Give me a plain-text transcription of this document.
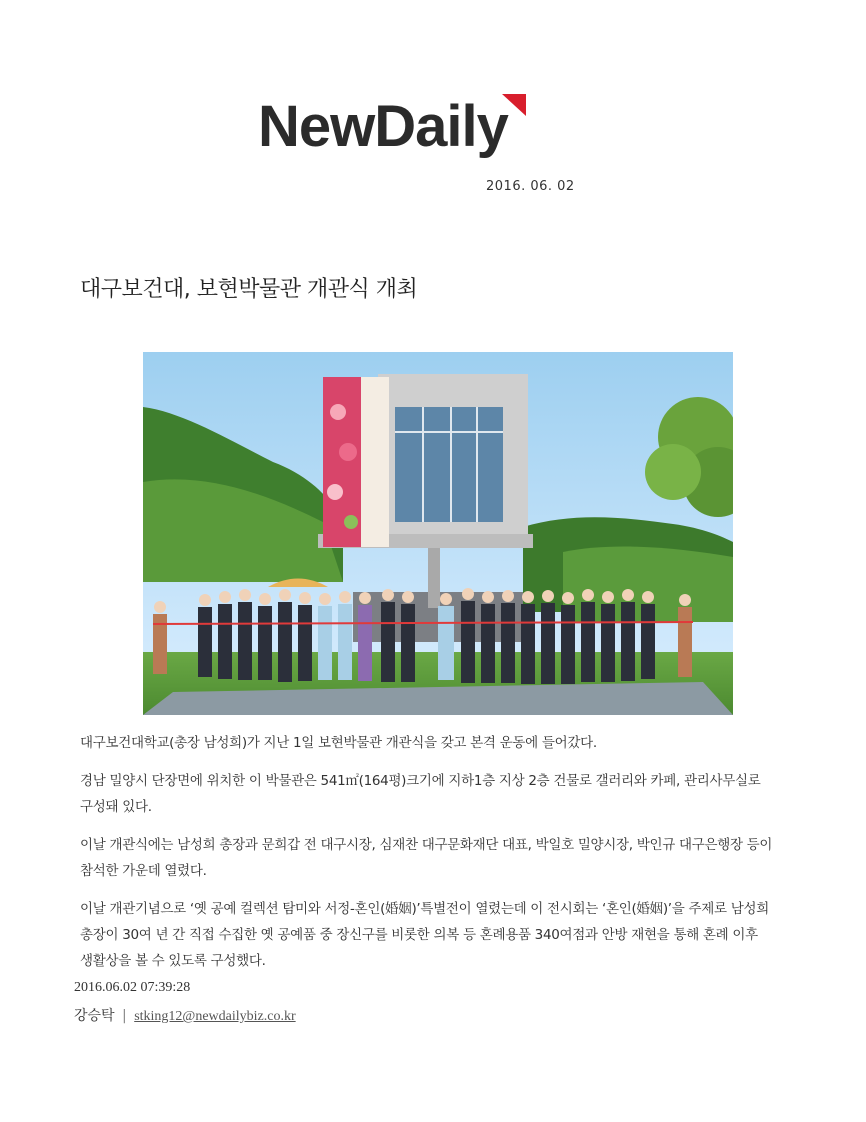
NewDaily
2016. 06. 02
대구보건대, 보현박물관 개관식 개최

대구보건대학교(총장 남성희)가 지난 1일 보현박물관 개관식을 갖고 본격 운동에 들어갔다.

경남 밀양시 단장면에 위치한 이 박물관은 541㎡(164평)크기에 지하1층 지상 2층 건물로 갤러리와 카페, 관리사무실로 구성돼 있다.

이날 개관식에는 남성희 총장과 문희갑 전 대구시장, 심재찬 대구문화재단 대표, 박일호 밀양시장, 박인규 대구은행장 등이 참석한 가운데 열렸다.

이날 개관기념으로 ‘옛 공예 컬렉션 탐미와 서정-혼인(婚姻)’특별전이 열렸는데 이 전시회는 ‘혼인(婚姻)’을 주제로 남성희 총장이 30여 년 간 직접 수집한 옛 공예품 중 장신구를 비롯한 의복 등 혼례용품 340여점과 안방 재현을 통해 혼례 이후 생활상을 볼 수 있도록 구성했다.

2016.06.02 07:39:28
강승탁 | stking12@newdailybiz.co.kr
